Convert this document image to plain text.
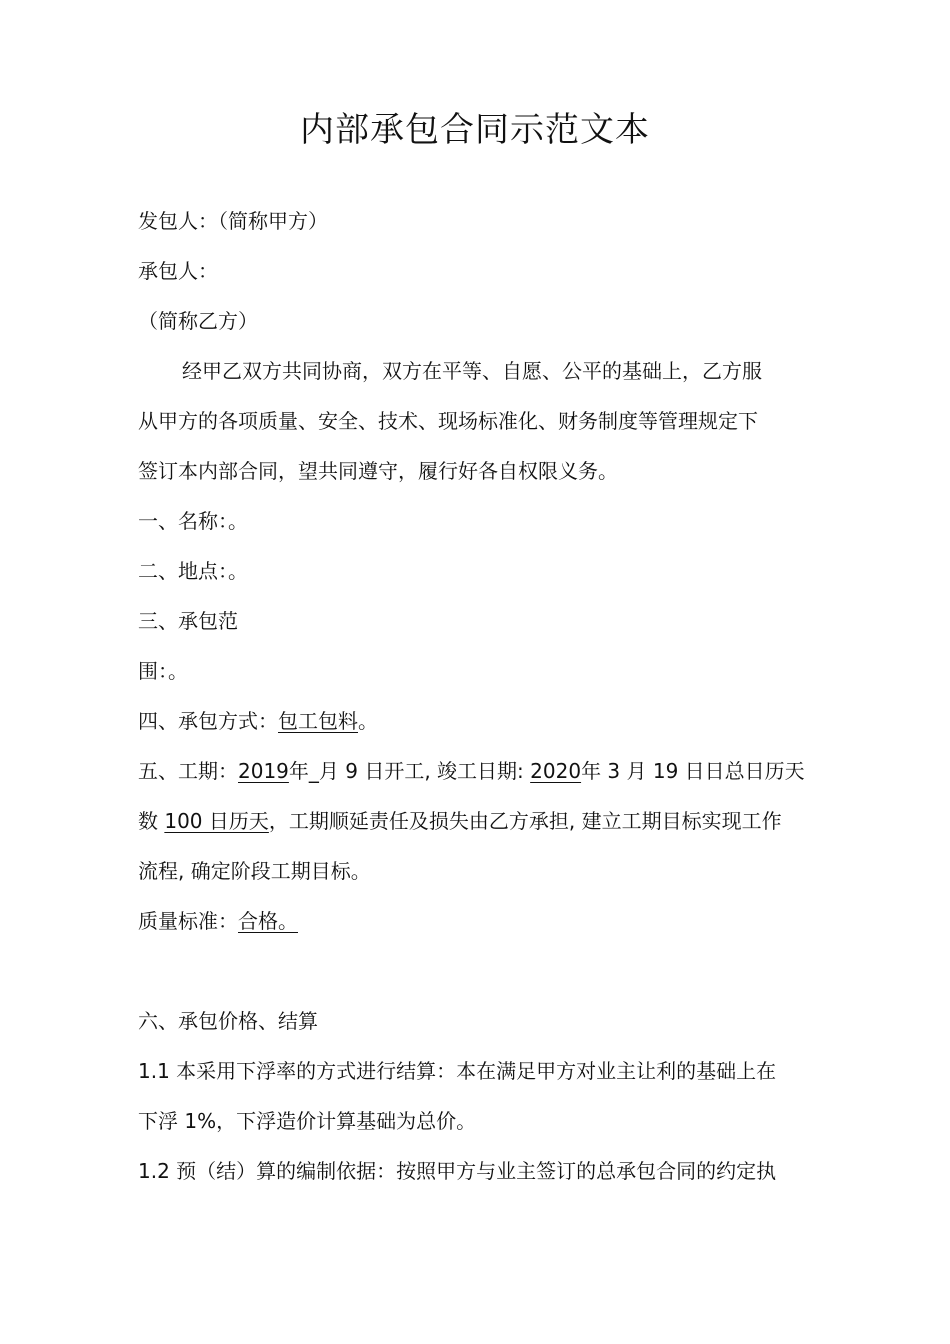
内部承包合同示范文本
发包人：（简称甲方）
承包人：
（简称乙方）
经甲乙双方共同协商，双方在平等、自愿、公平的基础上，乙方服
从甲方的各项质量、安全、技术、现场标准化、财务制度等管理规定下
签订本内部合同，望共同遵守，履行好各自权限义务。
一、名称：。
二、地点：。
三、承包范
围：。
四、承包方式：包工包料。
五、工期：2019年_月 9 日开工, 竣工日期: 2020年 3 月 19 日日总日历天
数 100 日历天，工期顺延责任及损失由乙方承担, 建立工期目标实现工作
流程, 确定阶段工期目标。
质量标准：合格。
六、承包价格、结算
1.1 本采用下浮率的方式进行结算：本在满足甲方对业主让利的基础上在
下浮 1%，下浮造价计算基础为总价。
1.2 预（结）算的编制依据：按照甲方与业主签订的总承包合同的约定执
